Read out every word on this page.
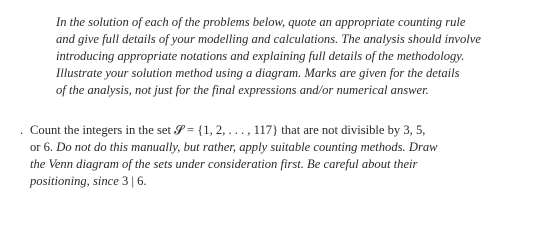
In the solution of each of the problems below, quote an appropriate counting rule
and give full details of your modelling and calculations. The analysis should involve
introducing appropriate notations and explaining full details of the methodology.
Illustrate your solution method using a diagram. Marks are given for the details
of the analysis, not just for the final expressions and/or numerical answer.
. Count the integers in the set 𝓢 = {1, 2, . . . , 117} that are not divisible by 3, 5,
or 6. Do not do this manually, but rather, apply suitable counting methods. Draw
the Venn diagram of the sets under consideration first. Be careful about their
positioning, since 3 | 6.
